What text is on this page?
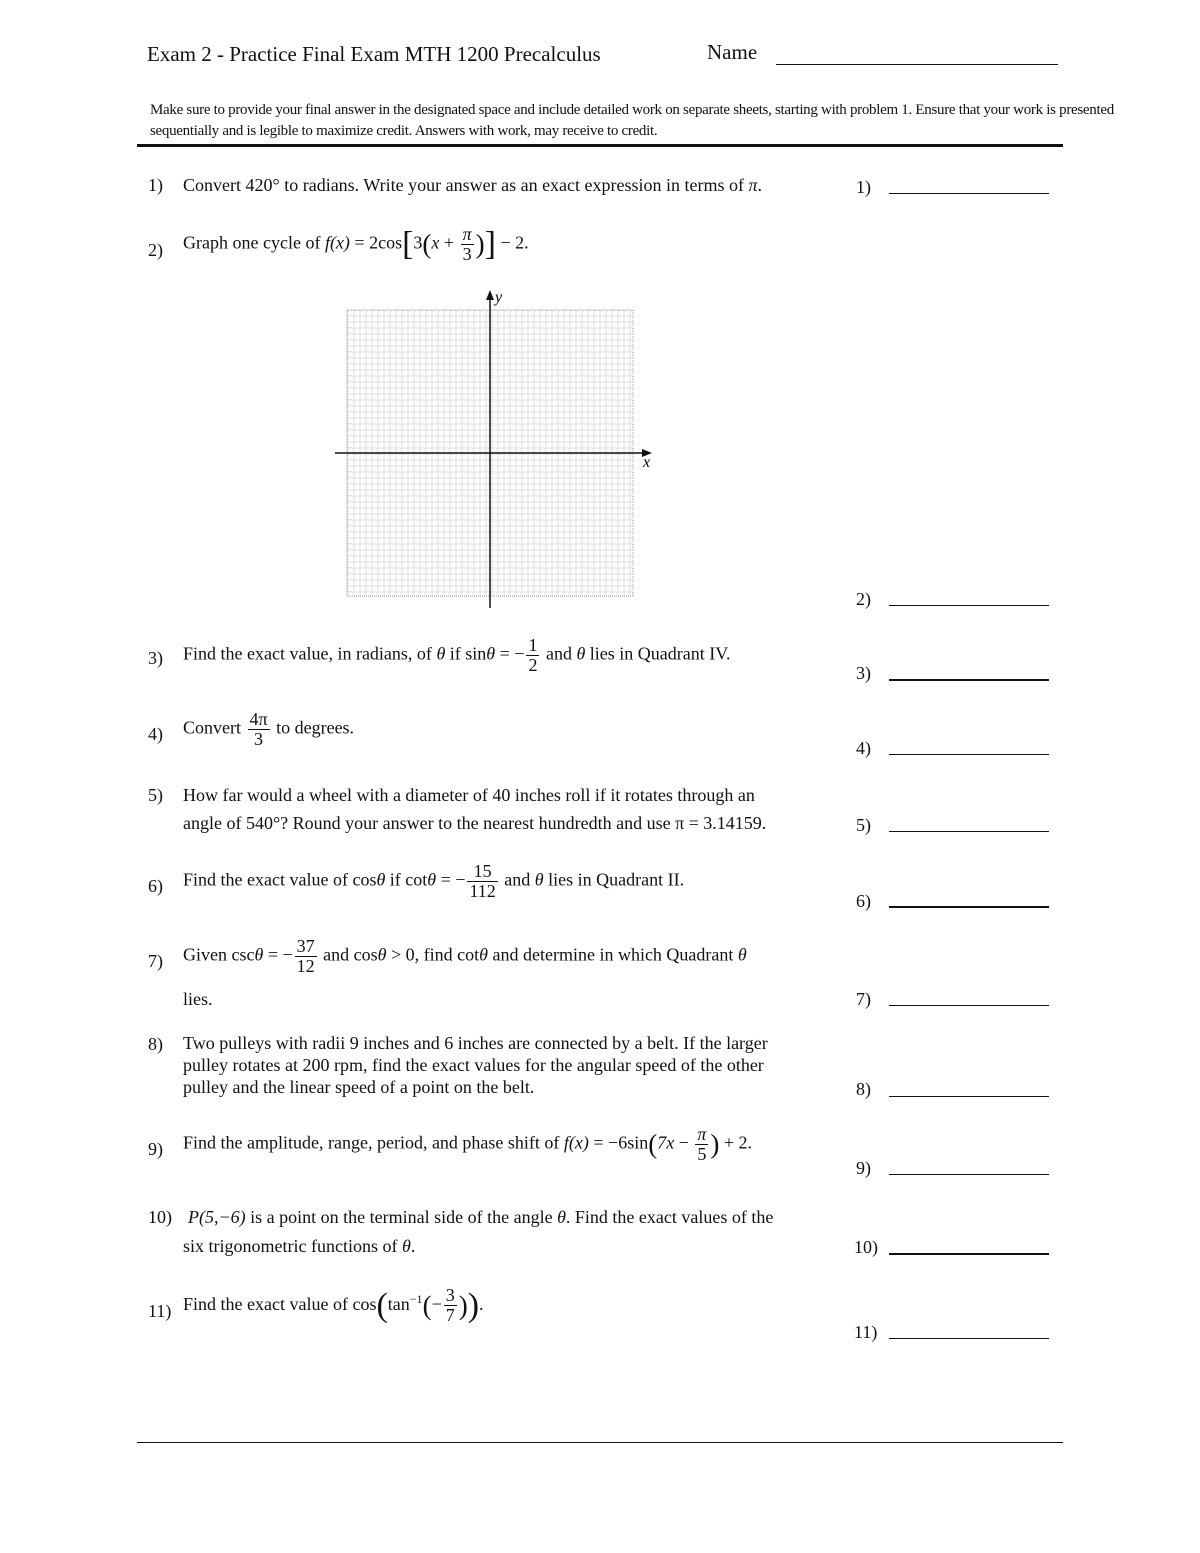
Exam 2 - Practice Final Exam MTH 1200 Precalculus	Name
Make sure to provide your final answer in the designated space and include detailed work on separate sheets, starting with problem 1. Ensure that your work is presented sequentially and is legible to maximize credit. Answers with work, may receive to credit.
1) Convert 420° to radians. Write your answer as an exact expression in terms of π.	1)
2) Graph one cycle of $f(x) = 2\cos[3(x + \frac{\pi}{3}$ )] − 2.
x
y
2)
3) Find the exact value, in radians, of θ if sinθ = − $\frac{1}{2}$ and θ lies in Quadrant IV.
3)
4) Convert $\frac{4\pi}{3}$ to degrees.
4)
5) How far would a wheel with a diameter of 40 inches roll if it rotates through an
angle of 540°? Round your answer to the nearest hundredth and use π = 3.14159.	5)
6) Find the exact value of cosθ if cotθ = − $\frac{15}{112}$ and θ lies in Quadrant II.
6)
7) Given cscθ = − $\frac{37}{12}$ and cosθ > 0, find cotθ and determine in which Quadrant θ
lies.	7)
8) Two pulleys with radii 9 inches and 6 inches are connected by a belt. If the larger
pulley rotates at 200 rpm, find the exact values for the angular speed of the other
pulley and the linear speed of a point on the belt.	8)
9) Find the amplitude, range, period, and phase shift of $f(x) = -6\sin(7x - \frac{\pi}{5}$ ) + 2.
9)
10) P(5,−6) is a point on the terminal side of the angle θ. Find the exact values of the
six trigonometric functions of θ.	10)
11) Find the exact value of $\cos(\tan^{-1}(- \frac{3}{7}$ )).
11)
